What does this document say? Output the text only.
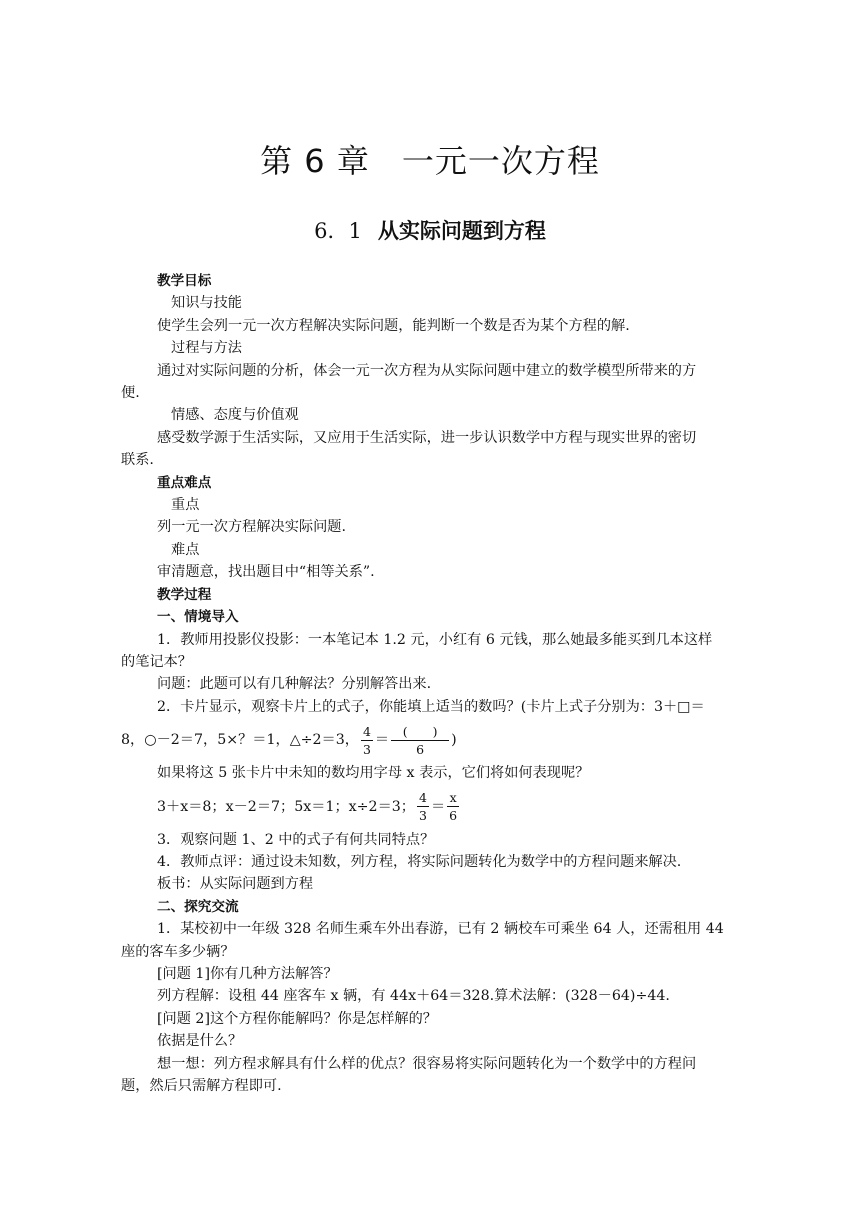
第 6 章 一元一次方程
6．1 从实际问题到方程

教学目标

知识与技能

使学生会列一元一次方程解决实际问题，能判断一个数是否为某个方程的解.

过程与方法

通过对实际问题的分析，体会一元一次方程为从实际问题中建立的数学模型所带来的方

便.

情感、态度与价值观

感受数学源于生活实际，又应用于生活实际，进一步认识数学中方程与现实世界的密切

联系.

重点难点

重点

列一元一次方程解决实际问题.

难点

审清题意，找出题目中“相等关系”.

教学过程

一、情境导入

1．教师用投影仪投影：一本笔记本 1.2 元，小红有 6 元钱，那么她最多能买到几本这样

的笔记本？

问题：此题可以有几种解法？分别解答出来.

2．卡片显示，观察卡片上的式子，你能填上适当的数吗？(卡片上式子分别为：3＋□＝

8，○－2＝7，5×？＝1，△÷2＝3， $\frac{4}{3} = \frac{( )}{6}$ )

如果将这 5 张卡片中未知的数均用字母 x 表示，它们将如何表现呢？

3＋x＝8；x－2＝7；5x＝1；x÷2＝3； $\frac{4}{3} = \frac{x}{6}$

3．观察问题 1、2 中的式子有何共同特点？

4．教师点评：通过设未知数，列方程，将实际问题转化为数学中的方程问题来解决.

板书：从实际问题到方程

二、探究交流

1．某校初中一年级 328 名师生乘车外出春游，已有 2 辆校车可乘坐 64 人，还需租用 44

座的客车多少辆？

[问题 1]你有几种方法解答？

列方程解：设租 44 座客车 x 辆，有 44x＋64＝328.算术法解：(328－64)÷44.

[问题 2]这个方程你能解吗？你是怎样解的？

依据是什么？

想一想：列方程求解具有什么样的优点？很容易将实际问题转化为一个数学中的方程问

题，然后只需解方程即可.
